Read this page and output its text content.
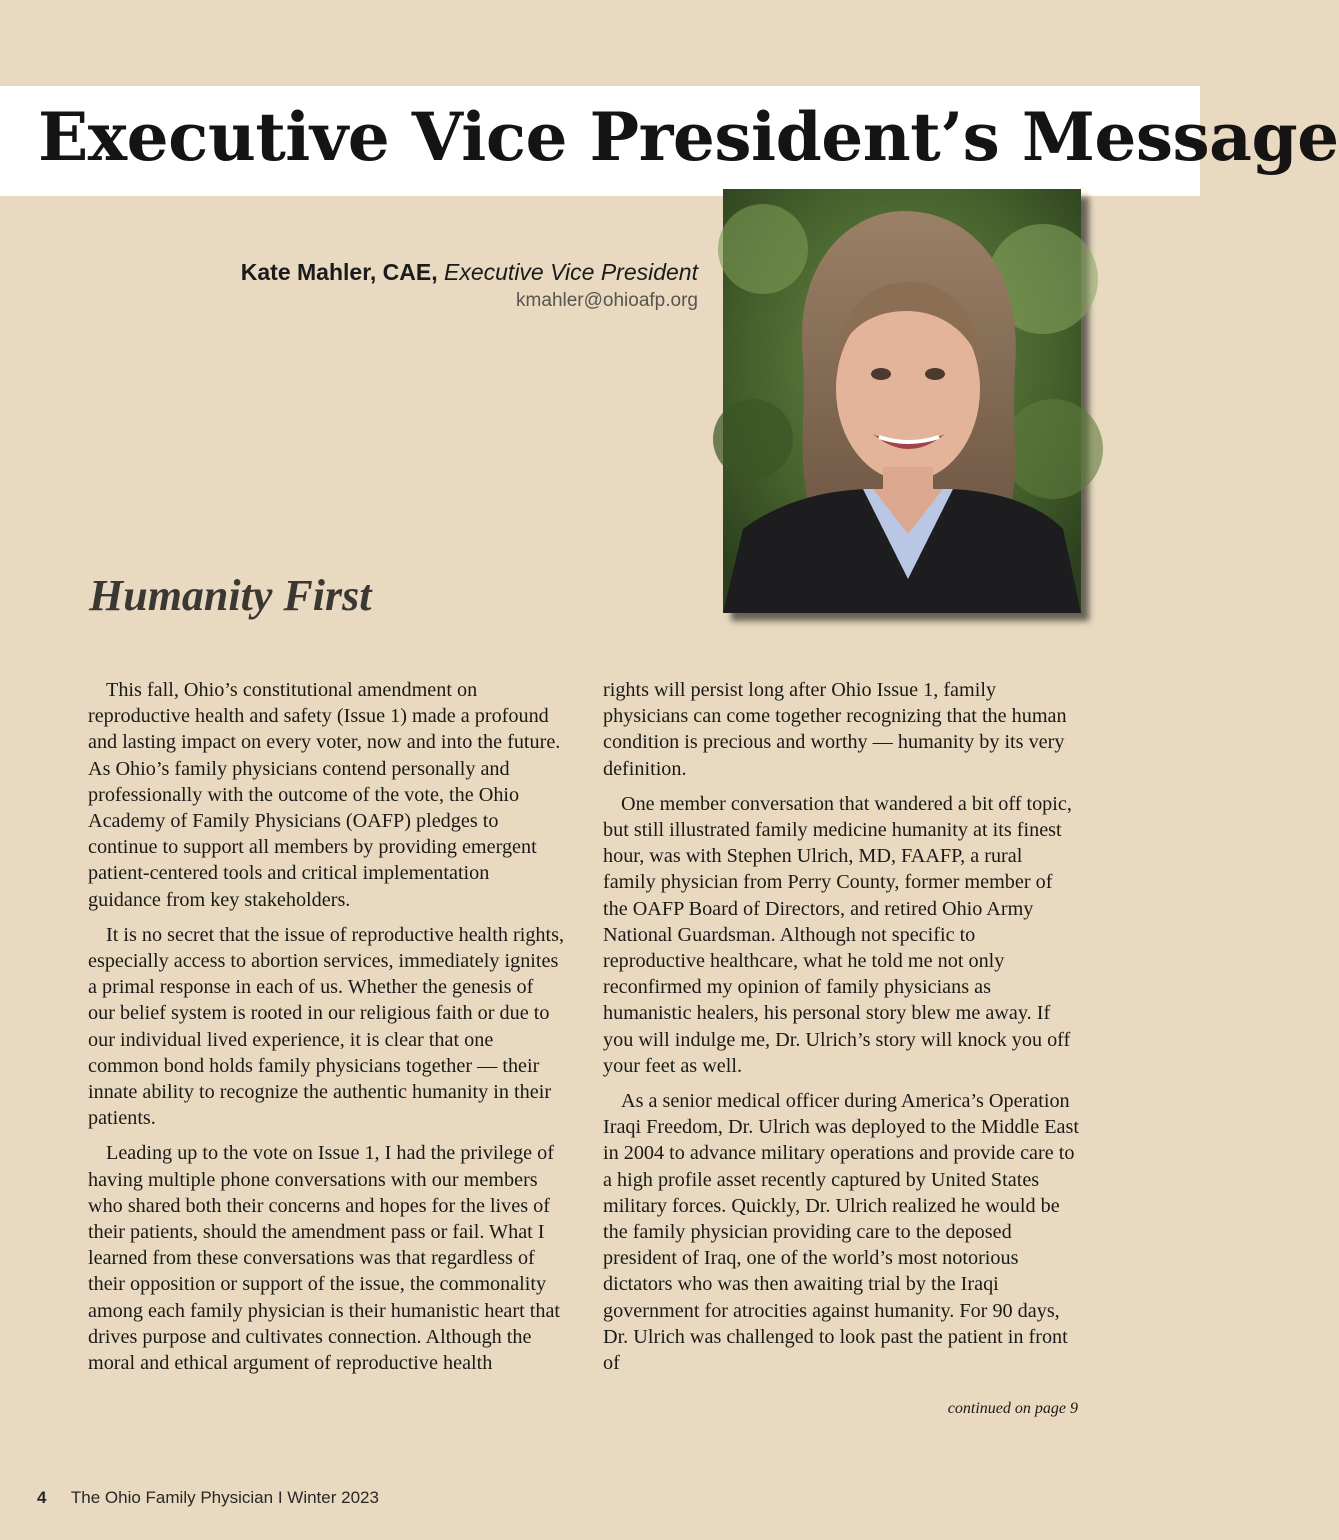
Executive Vice President’s Message
Kate Mahler, CAE, Executive Vice President
kmahler@ohioafp.org
Humanity First

This fall, Ohio’s constitutional amendment on reproductive health and safety (Issue 1) made a profound and lasting impact on every voter, now and into the future. As Ohio’s family physicians contend personally and professionally with the outcome of the vote, the Ohio Academy of Family Physicians (OAFP) pledges to continue to support all members by providing emergent patient-centered tools and critical implementation guidance from key stakeholders.

It is no secret that the issue of reproductive health rights, especially access to abortion services, immediately ignites a primal response in each of us. Whether the genesis of our belief system is rooted in our religious faith or due to our individual lived experience, it is clear that one common bond holds family physicians together — their innate ability to recognize the authentic humanity in their patients.

Leading up to the vote on Issue 1, I had the privilege of having multiple phone conversations with our members who shared both their concerns and hopes for the lives of their patients, should the amendment pass or fail. What I learned from these conversations was that regardless of their opposition or support of the issue, the commonality among each family physician is their humanistic heart that drives purpose and cultivates connection. Although the moral and ethical argument of reproductive health

rights will persist long after Ohio Issue 1, family physicians can come together recognizing that the human condition is precious and worthy — humanity by its very definition.

One member conversation that wandered a bit off topic, but still illustrated family medicine humanity at its finest hour, was with Stephen Ulrich, MD, FAAFP, a rural family physician from Perry County, former member of the OAFP Board of Directors, and retired Ohio Army National Guardsman. Although not specific to reproductive healthcare, what he told me not only reconfirmed my opinion of family physicians as humanistic healers, his personal story blew me away. If you will indulge me, Dr. Ulrich’s story will knock you off your feet as well.

As a senior medical officer during America’s Operation Iraqi Freedom, Dr. Ulrich was deployed to the Middle East in 2004 to advance military operations and provide care to a high profile asset recently captured by United States military forces. Quickly, Dr. Ulrich realized he would be the family physician providing care to the deposed president of Iraq, one of the world’s most notorious dictators who was then awaiting trial by the Iraqi government for atrocities against humanity. For 90 days, Dr. Ulrich was challenged to look past the patient in front of

continued on page 9
4 The Ohio Family Physician I Winter 2023
